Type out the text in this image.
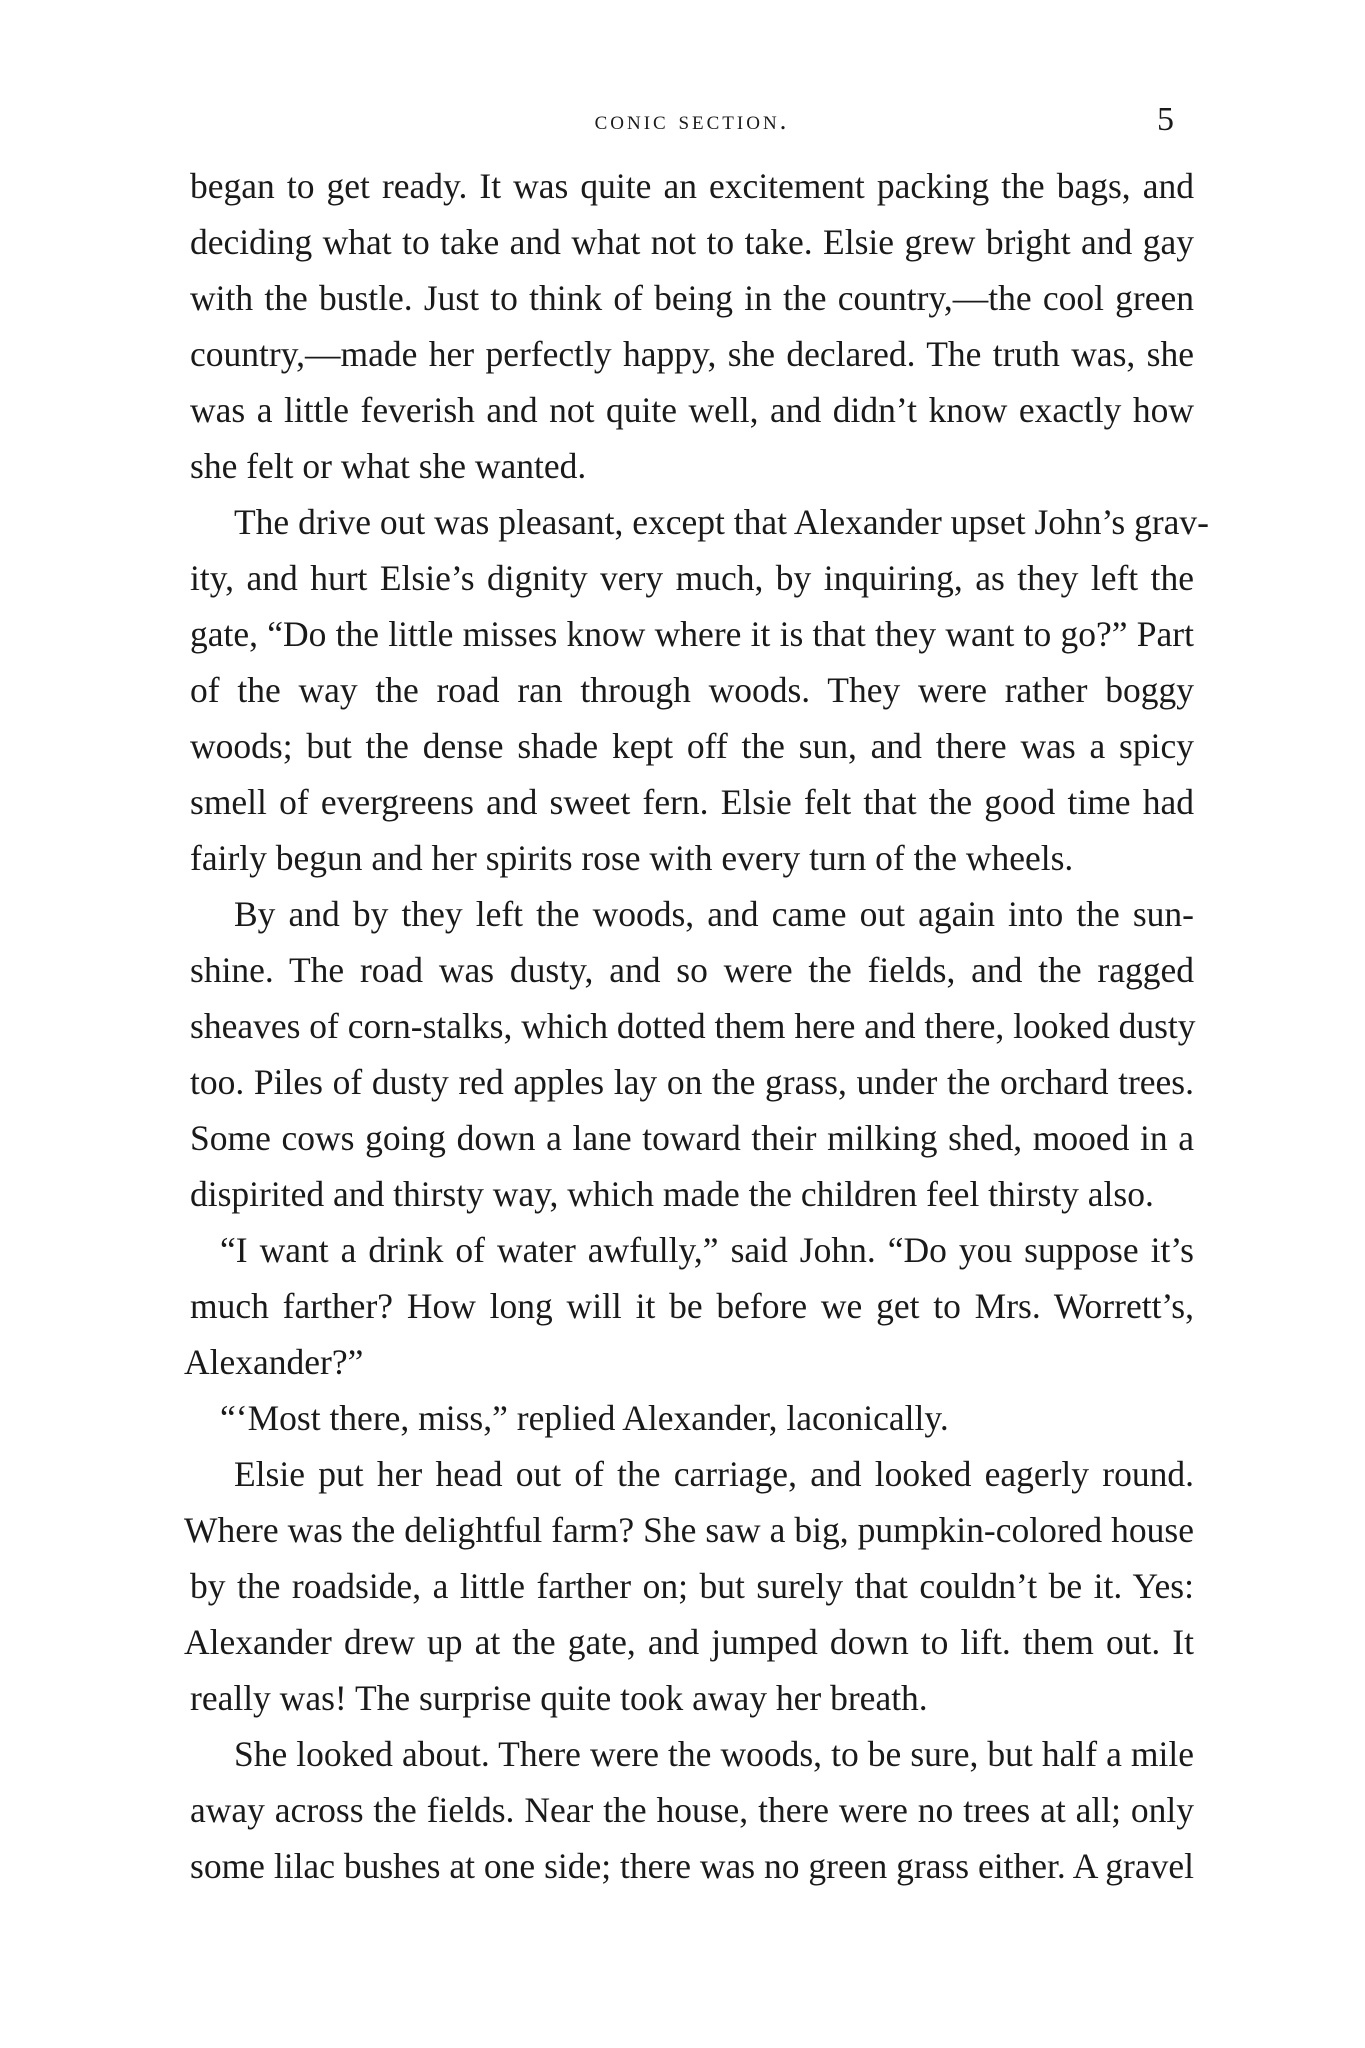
conic section.	5
began to get ready. It was quite an excitement packing the bags, and
deciding what to take and what not to take. Elsie grew bright and gay
with the bustle. Just to think of being in the country,—the cool green
country,—made her perfectly happy, she declared. The truth was, she
was a little feverish and not quite well, and didn’t know exactly how
she felt or what she wanted.
The drive out was pleasant, except that Alexander upset John’s grav-
ity, and hurt Elsie’s dignity very much, by inquiring, as they left the
gate, “Do the little misses know where it is that they want to go?” Part
of the way the road ran through woods. They were rather boggy
woods; but the dense shade kept off the sun, and there was a spicy
smell of evergreens and sweet fern. Elsie felt that the good time had
fairly begun and her spirits rose with every turn of the wheels.
By and by they left the woods, and came out again into the sun-
shine. The road was dusty, and so were the fields, and the ragged
sheaves of corn-stalks, which dotted them here and there, looked dusty
too. Piles of dusty red apples lay on the grass, under the orchard trees.
Some cows going down a lane toward their milking shed, mooed in a
dispirited and thirsty way, which made the children feel thirsty also.
“I want a drink of water awfully,” said John. “Do you suppose it’s
much farther? How long will it be before we get to Mrs. Worrett’s,
Alexander?”
“‘Most there, miss,” replied Alexander, laconically.
Elsie put her head out of the carriage, and looked eagerly round.
Where was the delightful farm? She saw a big, pumpkin-colored house
by the roadside, a little farther on; but surely that couldn’t be it. Yes:
Alexander drew up at the gate, and jumped down to lift. them out. It
really was! The surprise quite took away her breath.
She looked about. There were the woods, to be sure, but half a mile
away across the fields. Near the house, there were no trees at all; only
some lilac bushes at one side; there was no green grass either. A gravel
